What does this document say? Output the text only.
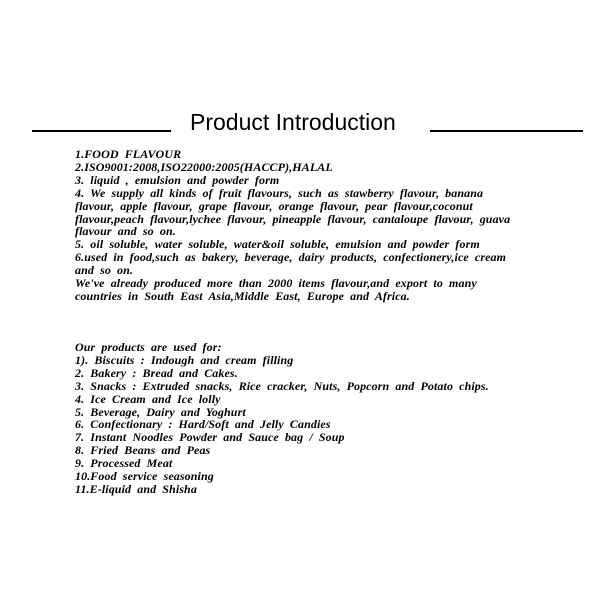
Product Introduction
1.FOOD FLAVOUR
2.ISO9001:2008,ISO22000:2005(HACCP),HALAL
3. liquid , emulsion and powder form
4. We supply all kinds of fruit flavours, such as stawberry flavour, banana
flavour, apple flavour, grape flavour, orange flavour, pear flavour,coconut
flavour,peach flavour,lychee flavour, pineapple flavour, cantaloupe flavour, guava
flavour and so on.
5. oil soluble, water soluble, water&oil soluble, emulsion and powder form
6.used in food,such as bakery, beverage, dairy products, confectionery,ice cream
and so on.
We've already produced more than 2000 items flavour,and export to many
countries in South East Asia,Middle East, Europe and Africa.
Our products are used for:
1). Biscuits : Indough and cream filling
2. Bakery : Bread and Cakes.
3. Snacks : Extruded snacks, Rice cracker, Nuts, Popcorn and Potato chips.
4. Ice Cream and Ice lolly
5. Beverage, Dairy and Yoghurt
6. Confectionary : Hard/Soft and Jelly Candies
7. Instant Noodles Powder and Sauce bag / Soup
8. Fried Beans and Peas
9. Processed Meat
10.Food service seasoning
11.E-liquid and Shisha
